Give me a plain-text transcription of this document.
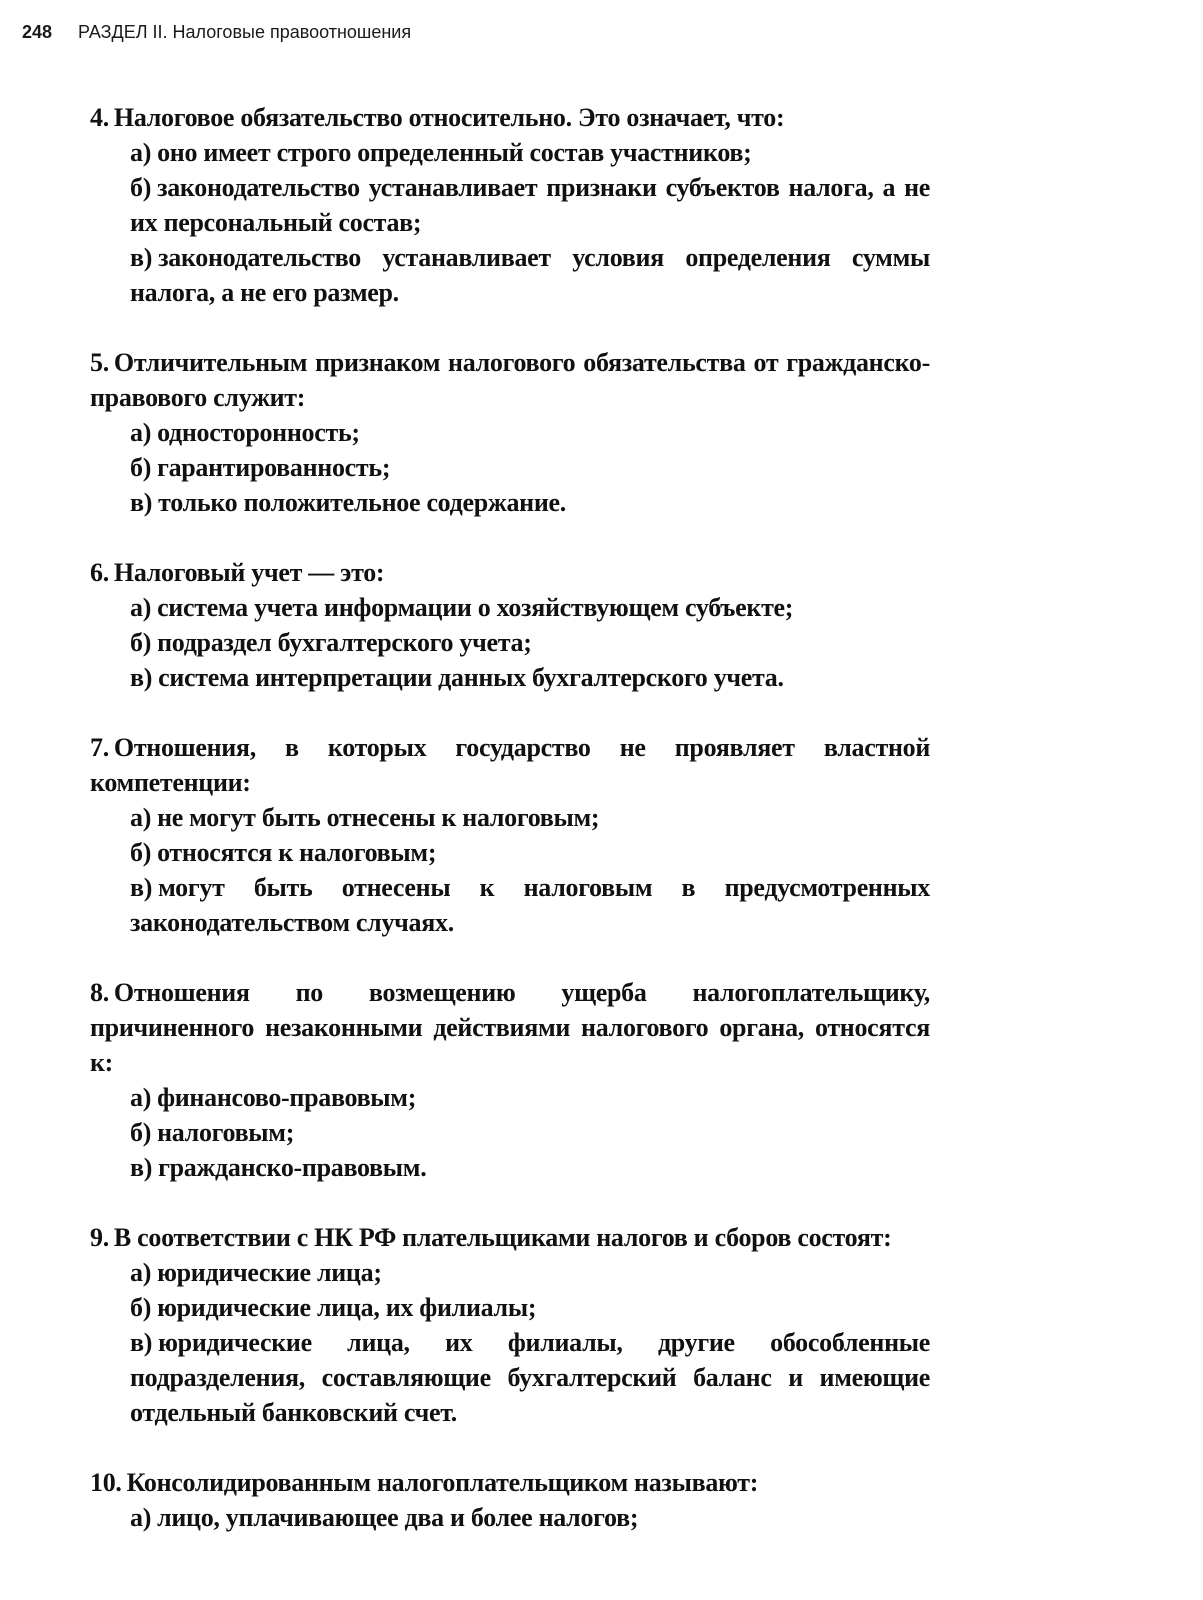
248 РАЗДЕЛ II. Налоговые правоотношения

4. Налоговое обязательство относительно. Это означает, что:

а) оно имеет строго определенный состав участников;

б) законодательство устанавливает признаки субъектов налога, а не их персональный состав;

в) законодательство устанавливает условия определения суммы налога, а не его размер.

5. Отличительным признаком налогового обязательства от гражданско-правового служит:

а) односторонность;

б) гарантированность;

в) только положительное содержание.

6. Налоговый учет — это:

а) система учета информации о хозяйствующем субъекте;

б) подраздел бухгалтерского учета;

в) система интерпретации данных бухгалтерского учета.

7. Отношения, в которых государство не проявляет властной компетенции:

а) не могут быть отнесены к налоговым;

б) относятся к налоговым;

в) могут быть отнесены к налоговым в предусмотренных законодательством случаях.

8. Отношения по возмещению ущерба налогоплательщику, причиненного незаконными действиями налогового органа, относятся к:

а) финансово-правовым;

б) налоговым;

в) гражданско-правовым.

9. В соответствии с НК РФ плательщиками налогов и сборов состоят:

а) юридические лица;

б) юридические лица, их филиалы;

в) юридические лица, их филиалы, другие обособленные подразделения, составляющие бухгалтерский баланс и имеющие отдельный банковский счет.

10. Консолидированным налогоплательщиком называют:

а) лицо, уплачивающее два и более налогов;
